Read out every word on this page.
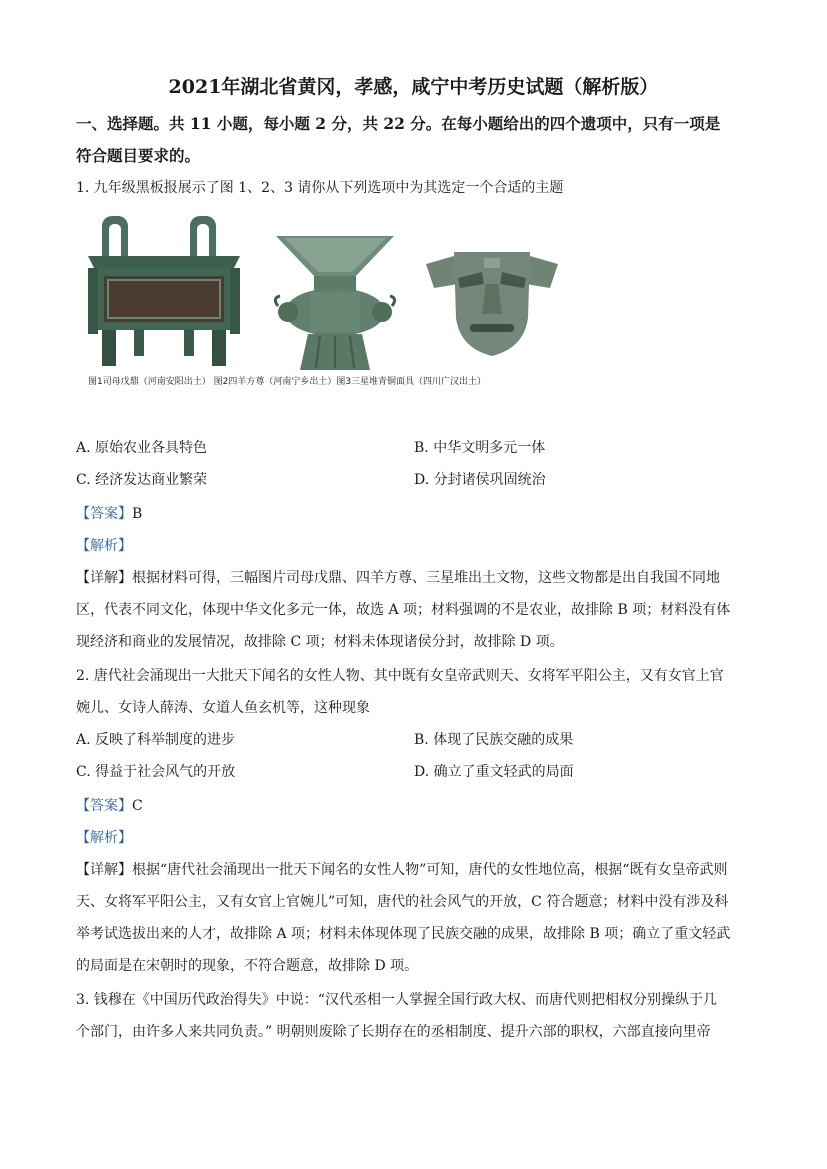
2021年湖北省黄冈，孝感，咸宁中考历史试题（解析版）
一、选择题。共 11 小题，每小题 2 分，共 22 分。在每小题给出的四个遗项中，只有一项是
符合题目要求的。
1. 九年级黑板报展示了图 1、2、3 请你从下列选项中为其选定一个合适的主题
图1司母戊鼎（河南安阳出土） 图2四羊方尊（河南宁乡出土）图3三星堆青铜面具（四川广汉出土）
A. 原始农业各具特色	B. 中华文明多元一体
C. 经济发达商业繁荣	D. 分封诸侯巩固统治
【答案】B
【解析】
【详解】根据材料可得，三幅图片司母戊鼎、四羊方尊、三星堆出土文物，这些文物都是出自我国不同地
区，代表不同文化，体现中华文化多元一体，故选 A 项；材料强调的不是农业，故排除 B 项；材料没有体
现经济和商业的发展情况，故排除 C 项；材料未体现诸侯分封，故排除 D 项。
2. 唐代社会涌现出一大批天下闻名的女性人物、其中既有女皇帝武则天、女将军平阳公主，又有女官上官
婉儿、女诗人薛涛、女道人鱼玄机等，这种现象
A. 反映了科举制度的进步	B. 体现了民族交融的成果
C. 得益于社会风气的开放	D. 确立了重文轻武的局面
【答案】C
【解析】
【详解】根据“唐代社会涌现出一批天下闻名的女性人物”可知，唐代的女性地位高，根据“既有女皇帝武则
天、女将军平阳公主，又有女官上官婉儿”可知，唐代的社会风气的开放，C 符合题意；材料中没有涉及科
举考试选拔出来的人才，故排除 A 项；材料未体现体现了民族交融的成果，故排除 B 项；确立了重文轻武
的局面是在宋朝时的现象，不符合题意，故排除 D 项。
3. 钱穆在《中国历代政治得失》中说：“汉代丞相一人掌握全国行政大权、而唐代则把相权分别操纵于几
个部门，由许多人来共同负责。” 明朝则废除了长期存在的丞相制度、提升六部的职权，六部直接向里帝
